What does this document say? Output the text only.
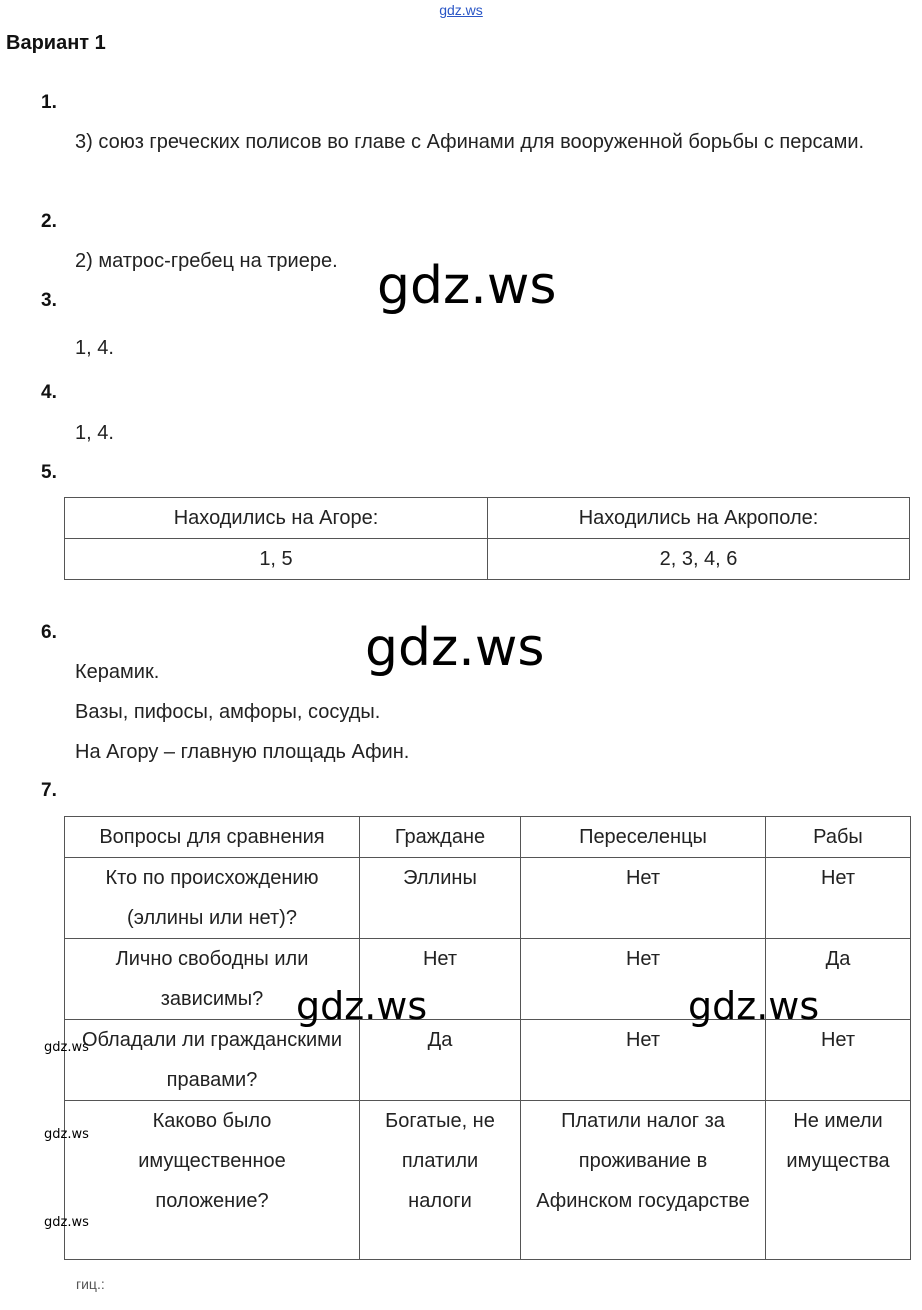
gdz.ws
Вариант 1
1.
3) союз греческих полисов во главе с Афинами для вооруженной борьбы с персами.
2.
2) матрос-гребец на триере. gdz.ws
3.
1, 4.
4.
1, 4.
5.
Находились на Агоре:	Находились на Акрополе:
1, 5	2, 3, 4, 6
6.	gdz.ws
Керамик.
Вазы, пифосы, амфоры, сосуды.
На Агору – главную площадь Афин.
7.
Вопросы для сравнения	Граждане	Переселенцы	Рабы
Кто по происхождению (эллины или нет)?	Эллины	Нет	Нет
Лично свободны или зависимы?	Нет	Нет	Да
Обладали ли гражданскими правами?	Да	Нет	Нет
Каково было имущественное положение?	Богатые, не платили налоги	Платили налог за проживание в Афинском государстве	Не имели имущества
gdz.ws	gdz.ws
gdz.ws
gdz.ws
gdz.ws
гиц.:
